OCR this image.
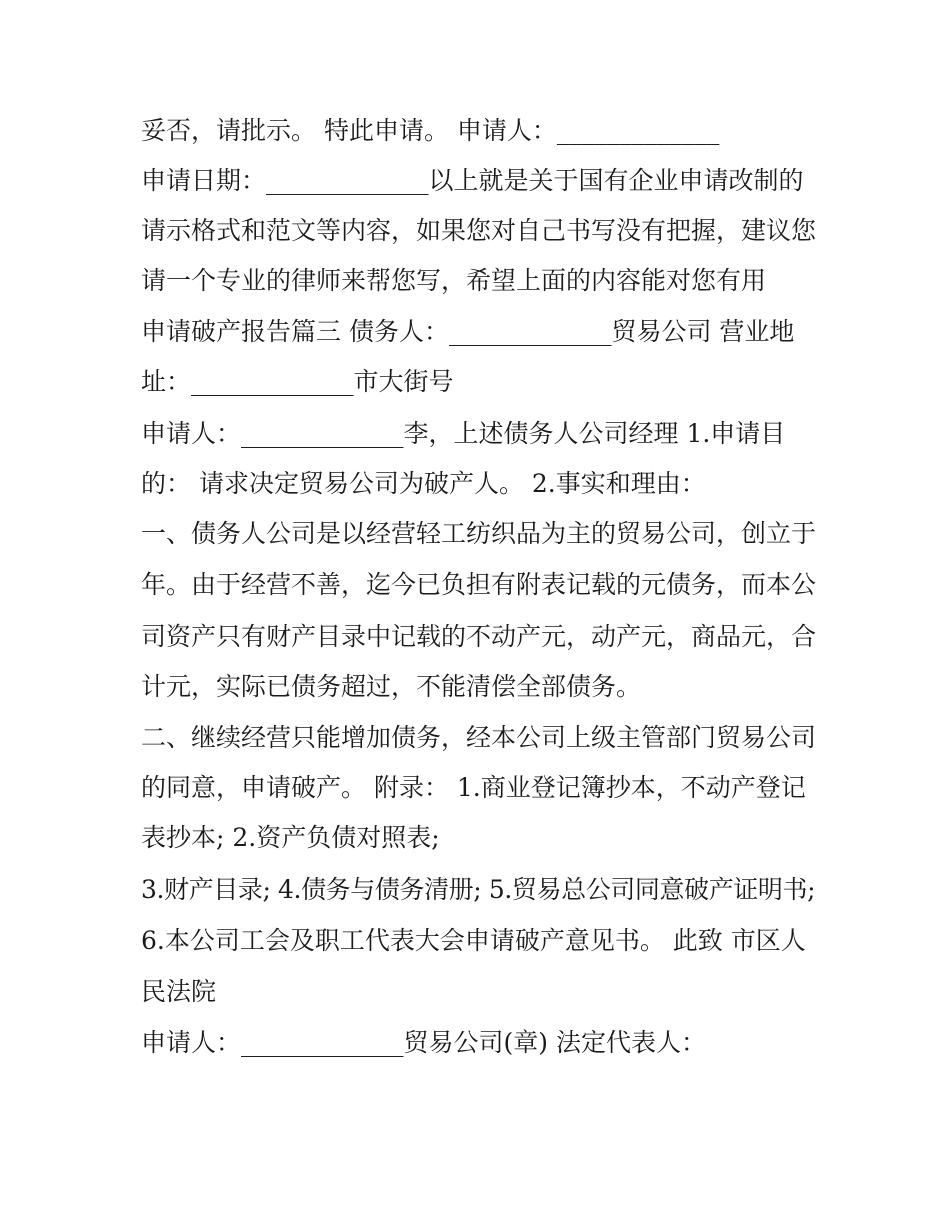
妥否，请批示。 特此申请。 申请人：_____________
申请日期：_____________以上就是关于国有企业申请改制的
请示格式和范文等内容，如果您对自己书写没有把握，建议您
请一个专业的律师来帮您写，希望上面的内容能对您有用
申请破产报告篇三 债务人：_____________贸易公司 营业地
址：_____________市大街号
申请人：_____________李，上述债务人公司经理 1.申请目
的： 请求决定贸易公司为破产人。 2.事实和理由：
一、债务人公司是以经营轻工纺织品为主的贸易公司，创立于
年。由于经营不善，迄今已负担有附表记载的元债务，而本公
司资产只有财产目录中记载的不动产元，动产元，商品元，合
计元，实际已债务超过，不能清偿全部债务。
二、继续经营只能增加债务，经本公司上级主管部门贸易公司
的同意，申请破产。 附录： 1.商业登记簿抄本，不动产登记
表抄本; 2.资产负债对照表;
3.财产目录; 4.债务与债务清册; 5.贸易总公司同意破产证明书;
6.本公司工会及职工代表大会申请破产意见书。 此致 市区人
民法院
申请人：_____________贸易公司(章) 法定代表人：
